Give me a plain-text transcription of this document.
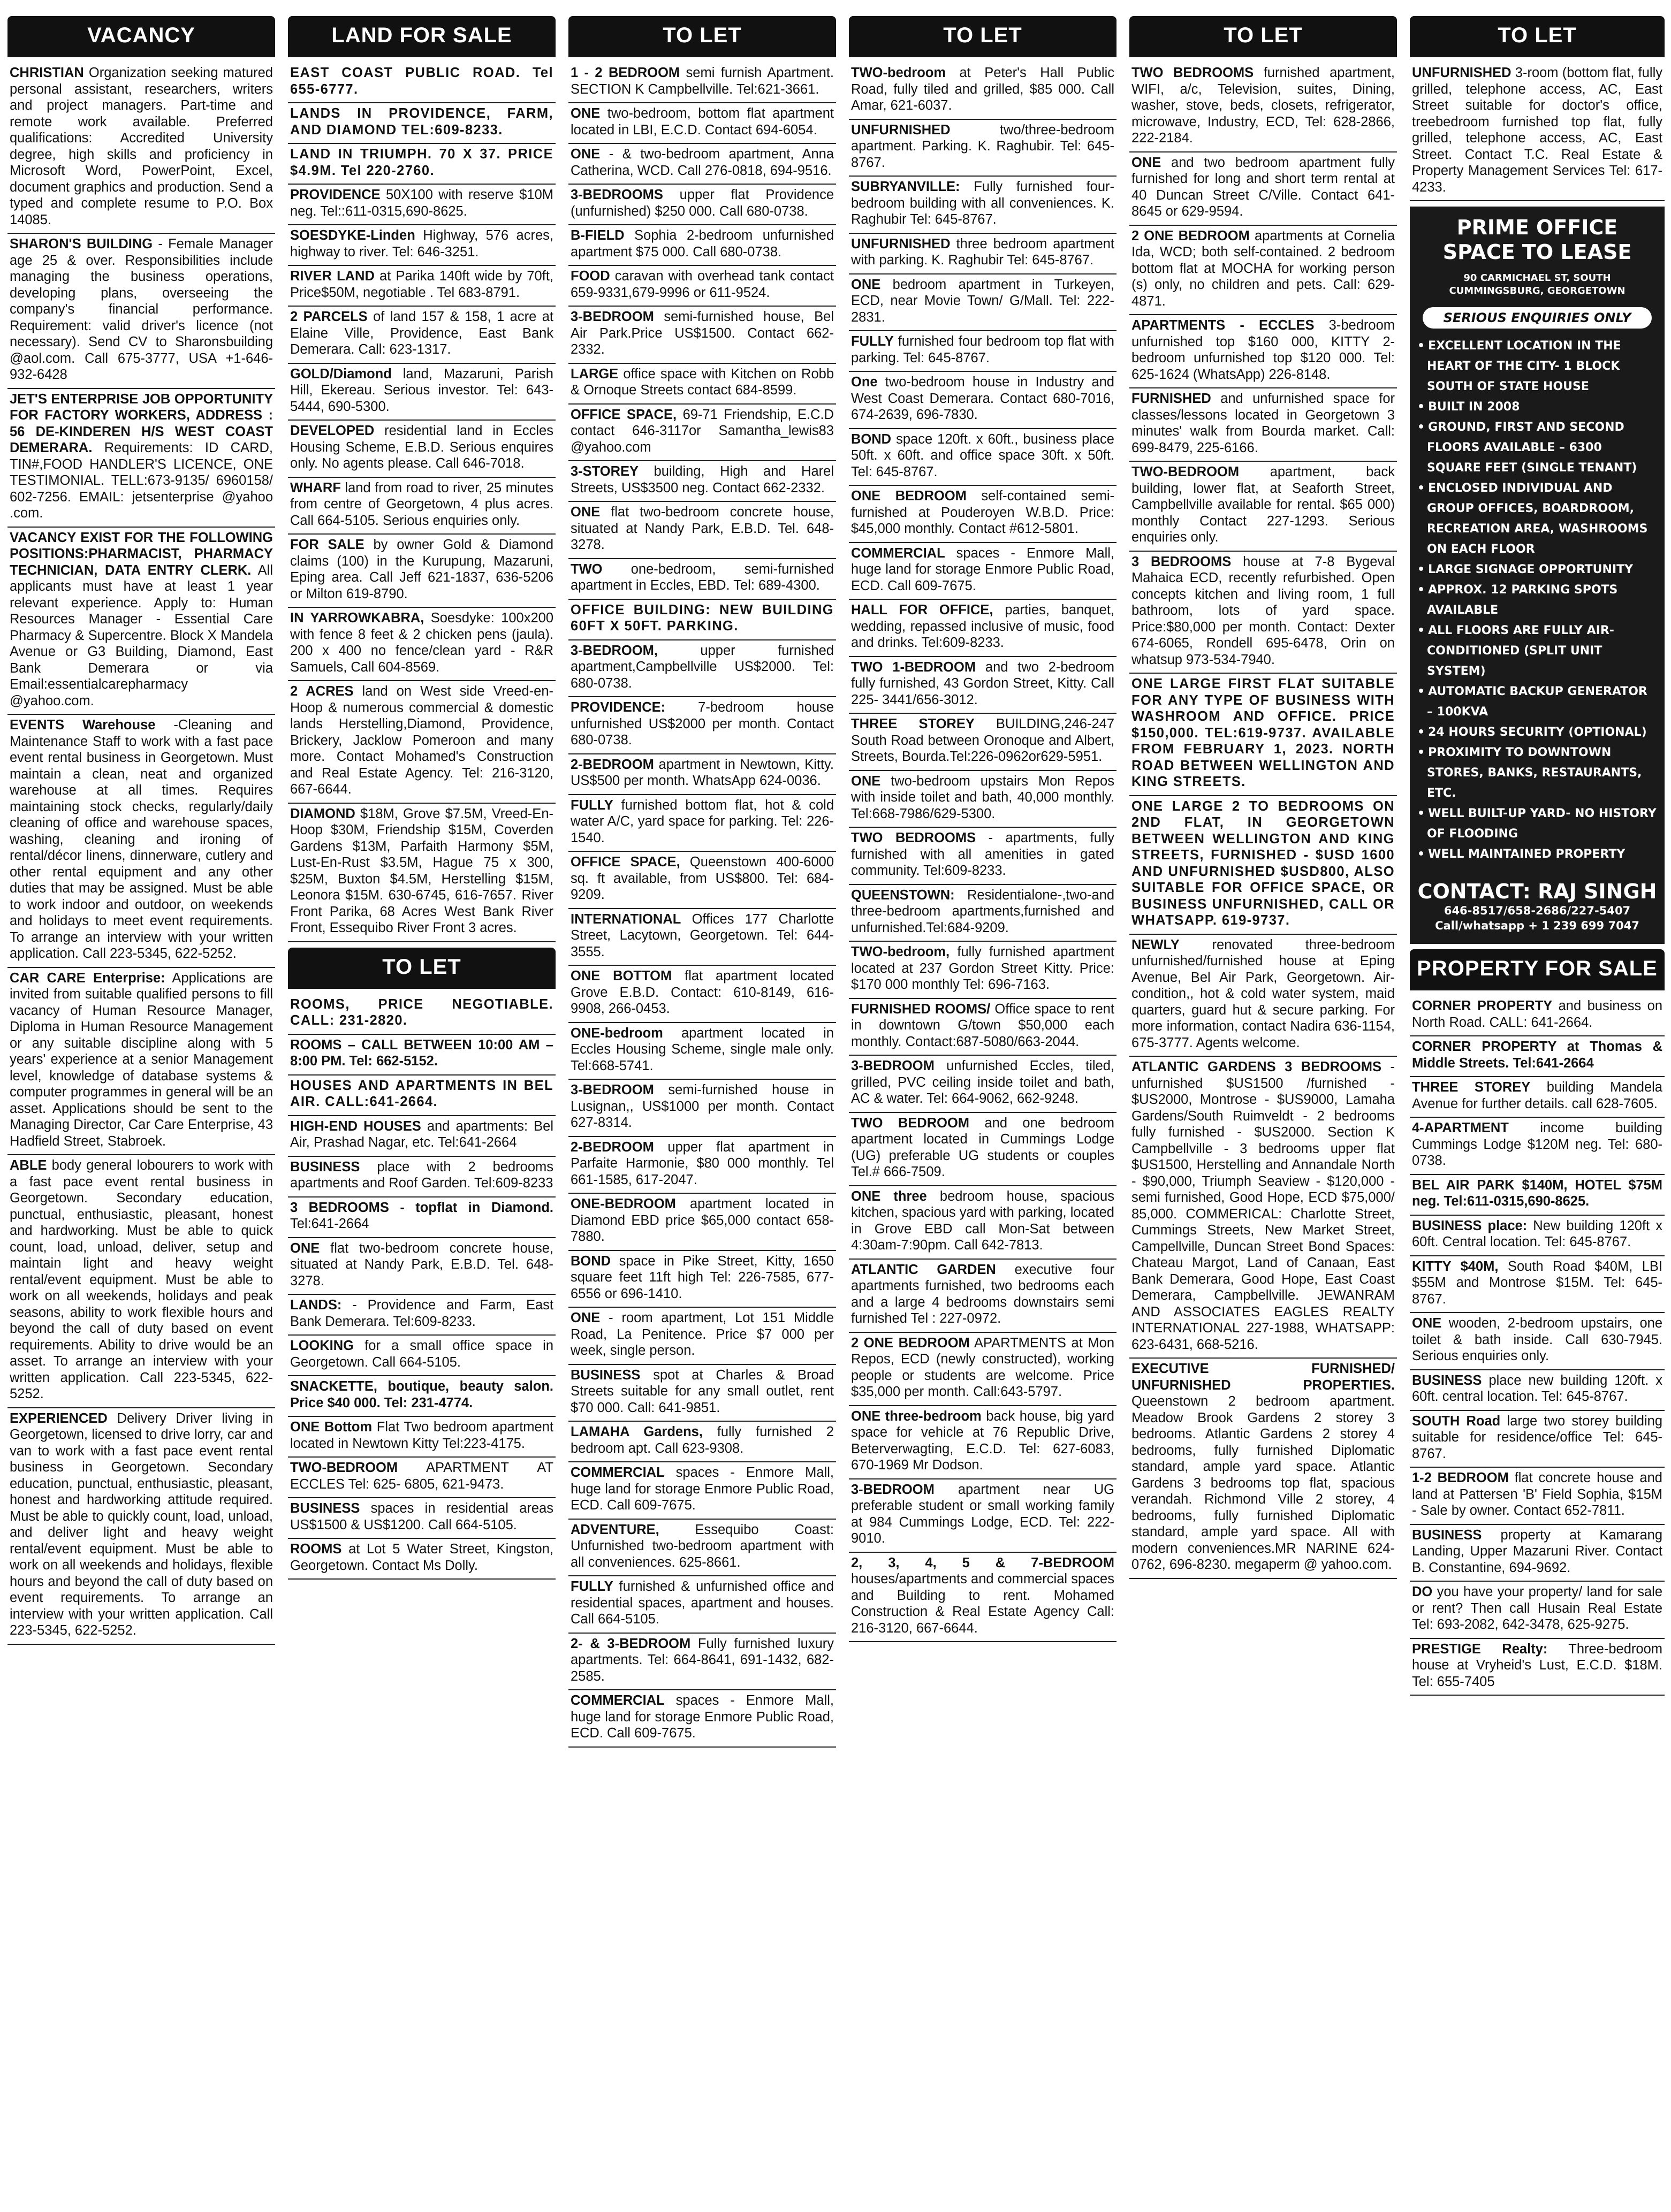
VACANCY
CHRISTIAN Organization seeking matured personal assistant, researchers, writers and project managers. Part-time and remote work available. Preferred qualifications: Accredited University degree, high skills and proficiency in Microsoft Word, PowerPoint, Excel, document graphics and production. Send a typed and complete resume to P.O. Box 14085.
SHARON'S BUILDING - Female Manager age 25 & over. Responsibilities include managing the business operations, developing plans, overseeing the company's financial performance. Requirement: valid driver's licence (not necessary). Send CV to Sharonsbuilding @aol.com. Call 675-3777, USA +1-646-932-6428
JET'S ENTERPRISE JOB OPPORTUNITY FOR FACTORY WORKERS, ADDRESS : 56 DE-KINDEREN H/S WEST COAST DEMERARA. Requirements: ID CARD, TIN#,FOOD HANDLER'S LICENCE, ONE TESTIMONIAL. TELL:673-9135/ 6960158/ 602-7256. EMAIL: jetsenterprise @yahoo .com.
VACANCY EXIST FOR THE FOLLOWING POSITIONS:PHARMACIST, PHARMACY TECHNICIAN, DATA ENTRY CLERK. All applicants must have at least 1 year relevant experience. Apply to: Human Resources Manager - Essential Care Pharmacy & Supercentre. Block X Mandela Avenue or G3 Building, Diamond, East Bank Demerara or via Email:essentialcarepharmacy @yahoo.com.
EVENTS Warehouse -Cleaning and Maintenance Staff to work with a fast pace event rental business in Georgetown. Must maintain a clean, neat and organized warehouse at all times. Requires maintaining stock checks, regularly/daily cleaning of office and warehouse spaces, washing, cleaning and ironing of rental/décor linens, dinnerware, cutlery and other rental equipment and any other duties that may be assigned. Must be able to work indoor and outdoor, on weekends and holidays to meet event requirements. To arrange an interview with your written application. Call 223-5345, 622-5252.
CAR CARE Enterprise: Applications are invited from suitable qualified persons to fill vacancy of Human Resource Manager, Diploma in Human Resource Management or any suitable discipline along with 5 years' experience at a senior Management level, knowledge of database systems & computer programmes in general will be an asset. Applications should be sent to the Managing Director, Car Care Enterprise, 43 Hadfield Street, Stabroek.
ABLE body general lobourers to work with a fast pace event rental business in Georgetown. Secondary education, punctual, enthusiastic, pleasant, honest and hardworking. Must be able to quick count, load, unload, deliver, setup and maintain light and heavy weight rental/event equipment. Must be able to work on all weekends, holidays and peak seasons, ability to work flexible hours and beyond the call of duty based on event requirements. Ability to drive would be an asset. To arrange an interview with your written application. Call 223-5345, 622-5252.
EXPERIENCED Delivery Driver living in Georgetown, licensed to drive lorry, car and van to work with a fast pace event rental business in Georgetown. Secondary education, punctual, enthusiastic, pleasant, honest and hardworking attitude required. Must be able to quickly count, load, unload, and deliver light and heavy weight rental/event equipment. Must be able to work on all weekends and holidays, flexible hours and beyond the call of duty based on event requirements. To arrange an interview with your written application. Call 223-5345, 622-5252.
LAND FOR SALE
EAST COAST PUBLIC ROAD. Tel 655-6777.
LANDS IN PROVIDENCE, FARM, AND DIAMOND TEL:609-8233.
LAND IN TRIUMPH. 70 X 37. PRICE $4.9M. Tel 220-2760.
PROVIDENCE 50X100 with reserve $10M neg. Tel::611-0315,690-8625.
SOESDYKE-Linden Highway, 576 acres, highway to river. Tel: 646-3251.
RIVER LAND at Parika 140ft wide by 70ft, Price$50M, negotiable . Tel 683-8791.
2 PARCELS of land 157 & 158, 1 acre at Elaine Ville, Providence, East Bank Demerara. Call: 623-1317.
GOLD/Diamond land, Mazaruni, Parish Hill, Ekereau. Serious investor. Tel: 643-5444, 690-5300.
DEVELOPED residential land in Eccles Housing Scheme, E.B.D. Serious enquires only. No agents please. Call 646-7018.
WHARF land from road to river, 25 minutes from centre of Georgetown, 4 plus acres. Call 664-5105. Serious enquiries only.
FOR SALE by owner Gold & Diamond claims (100) in the Kurupung, Mazaruni, Eping area. Call Jeff 621-1837, 636-5206 or Milton 619-8790.
IN YARROWKABRA, Soesdyke: 100x200 with fence 8 feet & 2 chicken pens (jaula). 200 x 400 no fence/clean yard - R&R Samuels, Call 604-8569.
2 ACRES land on West side Vreed-en-Hoop & numerous commercial & domestic lands Herstelling,Diamond, Providence, Brickery, Jacklow Pomeroon and many more. Contact Mohamed's Construction and Real Estate Agency. Tel: 216-3120, 667-6644.
DIAMOND $18M, Grove $7.5M, Vreed-En-Hoop $30M, Friendship $15M, Coverden Gardens $13M, Parfaith Harmony $5M, Lust-En-Rust $3.5M, Hague 75 x 300, $25M, Buxton $4.5M, Herstelling $15M, Leonora $15M. 630-6745, 616-7657. River Front Parika, 68 Acres West Bank River Front, Essequibo River Front 3 acres.
TO LET
ROOMS, PRICE NEGOTIABLE. CALL: 231-2820.
ROOMS – CALL BETWEEN 10:00 AM – 8:00 PM. Tel: 662-5152.
HOUSES AND APARTMENTS IN BEL AIR. CALL:641-2664.
HIGH-END HOUSES and apartments: Bel Air, Prashad Nagar, etc. Tel:641-2664
BUSINESS place with 2 bedrooms apartments and Roof Garden. Tel:609-8233
3 BEDROOMS - topflat in Diamond. Tel:641-2664
ONE flat two-bedroom concrete house, situated at Nandy Park, E.B.D. Tel. 648-3278.
LANDS: - Providence and Farm, East Bank Demerara. Tel:609-8233.
LOOKING for a small office space in Georgetown. Call 664-5105.
SNACKETTE, boutique, beauty salon. Price $40 000. Tel: 231-4774.
ONE Bottom Flat Two bedroom apartment located in Newtown Kitty Tel:223-4175.
TWO-BEDROOM APARTMENT AT ECCLES Tel: 625- 6805, 621-9473.
BUSINESS spaces in residential areas US$1500 & US$1200. Call 664-5105.
ROOMS at Lot 5 Water Street, Kingston, Georgetown. Contact Ms Dolly.
TO LET
1 - 2 BEDROOM semi furnish Apartment. SECTION K Campbellville. Tel:621-3661.
ONE two-bedroom, bottom flat apartment located in LBI, E.C.D. Contact 694-6054.
ONE - & two-bedroom apartment, Anna Catherina, WCD. Call 276-0818, 694-9516.
3-BEDROOMS upper flat Providence (unfurnished) $250 000. Call 680-0738.
B-FIELD Sophia 2-bedroom unfurnished apartment $75 000. Call 680-0738.
FOOD caravan with overhead tank contact 659-9331,679-9996 or 611-9524.
3-BEDROOM semi-furnished house, Bel Air Park.Price US$1500. Contact 662-2332.
LARGE office space with Kitchen on Robb & Ornoque Streets contact 684-8599.
OFFICE SPACE, 69-71 Friendship, E.C.D contact 646-3117or Samantha_lewis83 @yahoo.com
3-STOREY building, High and Harel Streets, US$3500 neg. Contact 662-2332.
ONE flat two-bedroom concrete house, situated at Nandy Park, E.B.D. Tel. 648-3278.
TWO one-bedroom, semi-furnished apartment in Eccles, EBD. Tel: 689-4300.
OFFICE BUILDING: NEW BUILDING 60FT X 50FT. PARKING.
3-BEDROOM,	upper furnished apartment,Campbellville US$2000. Tel: 680-0738.
PROVIDENCE: 7-bedroom house unfurnished US$2000 per month. Contact 680-0738.
2-BEDROOM apartment in Newtown, Kitty. US$500 per month. WhatsApp 624-0036.
FULLY furnished bottom flat, hot & cold water A/C, yard space for parking. Tel: 226-1540.
OFFICE SPACE, Queenstown 400-6000 sq. ft available, from US$800. Tel: 684-9209.
INTERNATIONAL Offices 177 Charlotte Street, Lacytown, Georgetown. Tel: 644-3555.
ONE BOTTOM flat apartment located Grove E.B.D. Contact: 610-8149, 616-9908, 266-0453.
ONE-bedroom apartment located in Eccles Housing Scheme, single male only. Tel:668-5741.
3-BEDROOM semi-furnished house in Lusignan,, US$1000 per month. Contact 627-8314.
2-BEDROOM upper flat apartment in Parfaite Harmonie, $80 000 monthly. Tel 661-1585, 617-2047.
ONE-BEDROOM apartment located in Diamond EBD price $65,000 contact 658-7880.
BOND space in Pike Street, Kitty, 1650 square feet 11ft high Tel: 226-7585, 677-6556 or 696-1410.
ONE - room apartment, Lot 151 Middle Road, La Penitence. Price $7 000 per week, single person.
BUSINESS spot at Charles & Broad Streets suitable for any small outlet, rent $70 000. Call: 641-9851.
LAMAHA Gardens, fully furnished 2 bedroom apt. Call 623-9308.
COMMERCIAL spaces - Enmore Mall, huge land for storage Enmore Public Road, ECD. Call 609-7675.
ADVENTURE,	Essequibo Coast: Unfurnished two-bedroom apartment with all conveniences. 625-8661.
FULLY furnished & unfurnished office and residential spaces, apartment and houses. Call 664-5105.
2- & 3-BEDROOM Fully furnished luxury apartments. Tel: 664-8641, 691-1432, 682-2585.
COMMERCIAL spaces - Enmore Mall, huge land for storage Enmore Public Road, ECD. Call 609-7675.
TO LET
TWO-bedroom at Peter's Hall Public Road, fully tiled and grilled, $85 000. Call Amar, 621-6037.
UNFURNISHED	two/three-bedroom apartment. Parking. K. Raghubir. Tel: 645-8767.
SUBRYANVILLE: Fully furnished four-bedroom building with all conveniences. K. Raghubir Tel: 645-8767.
UNFURNISHED three bedroom apartment with parking. K. Raghubir Tel: 645-8767.
ONE bedroom apartment in Turkeyen, ECD, near Movie Town/ G/Mall. Tel: 222-2831.
FULLY furnished four bedroom top flat with parking. Tel: 645-8767.
One two-bedroom house in Industry and West Coast Demerara. Contact 680-7016, 674-2639, 696-7830.
BOND space 120ft. x 60ft., business place 50ft. x 60ft. and office space 30ft. x 50ft. Tel: 645-8767.
ONE BEDROOM self-contained semi-furnished at Pouderoyen W.B.D. Price: $45,000 monthly. Contact #612-5801.
COMMERCIAL spaces - Enmore Mall, huge land for storage Enmore Public Road, ECD. Call 609-7675.
HALL FOR OFFICE, parties, banquet, wedding, repassed inclusive of music, food and drinks. Tel:609-8233.
TWO 1-BEDROOM and two 2-bedroom fully furnished, 43 Gordon Street, Kitty. Call 225- 3441/656-3012.
THREE STOREY BUILDING,246-247 South Road between Oronoque and Albert, Streets, Bourda.Tel:226-0962or629-5951.
ONE two-bedroom upstairs Mon Repos with inside toilet and bath, 40,000 monthly. Tel:668-7986/629-5300.
TWO BEDROOMS - apartments, fully furnished with all amenities in gated community. Tel:609-8233.
QUEENSTOWN: Residentialone-,two-and three-bedroom apartments,furnished and unfurnished.Tel:684-9209.
TWO-bedroom, fully furnished apartment located at 237 Gordon Street Kitty. Price: $170 000 monthly Tel: 696-7163.
FURNISHED ROOMS/ Office space to rent in downtown G/town $50,000 each monthly. Contact:687-5080/663-2044.
3-BEDROOM unfurnished Eccles, tiled, grilled, PVC ceiling inside toilet and bath, AC & water. Tel: 664-9062, 662-9248.
TWO BEDROOM and one bedroom apartment located in Cummings Lodge (UG) preferable UG students or couples Tel.# 666-7509.
ONE three bedroom house, spacious kitchen, spacious yard with parking, located in Grove EBD call Mon-Sat between 4:30am-7:90pm. Call 642-7813.
ATLANTIC GARDEN executive four apartments furnished, two bedrooms each and a large 4 bedrooms downstairs semi furnished Tel : 227-0972.
2 ONE BEDROOM APARTMENTS at Mon Repos, ECD (newly constructed), working people or students are welcome. Price $35,000 per month. Call:643-5797.
ONE three-bedroom back house, big yard space for vehicle at 76 Republic Drive, Beterverwagting, E.C.D. Tel: 627-6083, 670-1969 Mr Dodson.
3-BEDROOM apartment near UG preferable student or small working family at 984 Cummings Lodge, ECD. Tel: 222-9010.
2, 3, 4, 5 & 7-BEDROOM houses/apartments and commercial spaces and Building to rent. Mohamed Construction & Real Estate Agency Call: 216-3120, 667-6644.
TO LET
TWO BEDROOMS furnished apartment, WIFI, a/c, Television, suites, Dining, washer, stove, beds, closets, refrigerator, microwave, Industry, ECD, Tel: 628-2866, 222-2184.
ONE and two bedroom apartment fully furnished for long and short term rental at 40 Duncan Street C/Ville. Contact 641-8645 or 629-9594.
2 ONE BEDROOM apartments at Cornelia Ida, WCD; both self-contained. 2 bedroom bottom flat at MOCHA for working person (s) only, no children and pets. Call: 629-4871.
APARTMENTS - ECCLES 3-bedroom unfurnished top $160 000, KITTY 2-bedroom unfurnished top $120 000. Tel: 625-1624 (WhatsApp) 226-8148.
FURNISHED and unfurnished space for classes/lessons located in Georgetown 3 minutes' walk from Bourda market. Call: 699-8479, 225-6166.
TWO-BEDROOM apartment, back building, lower flat, at Seaforth Street, Campbellville available for rental. $65 000) monthly Contact 227-1293. Serious enquiries only.
3 BEDROOMS house at 7-8 Bygeval Mahaica ECD, recently refurbished. Open concepts kitchen and living room, 1 full bathroom, lots of yard space. Price:$80,000 per month. Contact: Dexter 674-6065, Rondell 695-6478, Orin on whatsup 973-534-7940.
ONE LARGE FIRST FLAT SUITABLE FOR ANY TYPE OF BUSINESS WITH WASHROOM AND OFFICE. PRICE $150,000. TEL:619-9737. AVAILABLE FROM FEBRUARY 1, 2023. NORTH ROAD BETWEEN WELLINGTON AND KING STREETS.
ONE LARGE 2 TO BEDROOMS ON 2ND FLAT, IN GEORGETOWN BETWEEN WELLINGTON AND KING STREETS, FURNISHED - $USD 1600 AND UNFURNISHED $USD800, ALSO SUITABLE FOR OFFICE SPACE, OR BUSINESS UNFURNISHED, CALL OR WHATSAPP. 619-9737.
NEWLY renovated three-bedroom unfurnished/furnished house at Eping Avenue, Bel Air Park, Georgetown. Air-condition,, hot & cold water system, maid quarters, guard hut & secure parking. For more information, contact Nadira 636-1154, 675-3777. Agents welcome.
ATLANTIC GARDENS 3 BEDROOMS - unfurnished $US1500 /furnished - $US2000, Montrose - $US9000, Lamaha Gardens/South Ruimveldt - 2 bedrooms fully furnished - $US2000. Section K Campbellville - 3 bedrooms upper flat $US1500, Herstelling and Annandale North - $90,000, Triumph Seaview - $120,000 - semi furnished, Good Hope, ECD $75,000/ 85,000. COMMERICAL: Charlotte Street, Cummings Streets, New Market Street, Campellville, Duncan Street Bond Spaces: Chateau Margot, Land of Canaan, East Bank Demerara, Good Hope, East Coast Demerara, Campbellville. JEWANRAM AND ASSOCIATES EAGLES REALTY INTERNATIONAL 227-1988, WHATSAPP: 623-6431, 668-5216.
EXECUTIVE FURNISHED/ UNFURNISHED PROPERTIES. Queenstown 2 bedroom apartment. Meadow Brook Gardens 2 storey 3 bedrooms. Atlantic Gardens 2 storey 4 bedrooms, fully furnished Diplomatic standard, ample yard space. Atlantic Gardens 3 bedrooms top flat, spacious verandah. Richmond Ville 2 storey, 4 bedrooms, fully furnished Diplomatic standard, ample yard space. All with modern conveniences.MR NARINE 624-0762, 696-8230. megaperm @ yahoo.com.
TO LET
UNFURNISHED 3-room (bottom flat, fully grilled, telephone access, AC, East Street suitable for doctor's office, treebedroom furnished top flat, fully grilled, telephone access, AC, East Street. Contact T.C. Real Estate & Property Management Services Tel: 617-4233.
PRIME OFFICE SPACE TO LEASE
90 CARMICHAEL ST, SOUTH CUMMINGSBURG, GEORGETOWN
SERIOUS ENQUIRIES ONLY
• EXCELLENT LOCATION IN THE HEART OF THE CITY- 1 BLOCK SOUTH OF STATE HOUSE
• BUILT IN 2008
• GROUND, FIRST AND SECOND FLOORS AVAILABLE – 6300 SQUARE FEET (SINGLE TENANT)
• ENCLOSED INDIVIDUAL AND GROUP OFFICES, BOARDROOM, RECREATION AREA, WASHROOMS ON EACH FLOOR
• LARGE SIGNAGE OPPORTUNITY
• APPROX. 12 PARKING SPOTS AVAILABLE
• ALL FLOORS ARE FULLY AIR-CONDITIONED (SPLIT UNIT SYSTEM)
• AUTOMATIC BACKUP GENERATOR – 100KVA
• 24 HOURS SECURITY (OPTIONAL)
• PROXIMITY TO DOWNTOWN STORES, BANKS, RESTAURANTS, ETC.
• WELL BUILT-UP YARD- NO HISTORY OF FLOODING
• WELL MAINTAINED PROPERTY
CONTACT: RAJ SINGH
646-8517/658-2686/227-5407
Call/whatsapp + 1 239 699 7047
PROPERTY FOR SALE
CORNER PROPERTY and business on North Road. CALL: 641-2664.
CORNER PROPERTY at Thomas & Middle Streets. Tel:641-2664
THREE STOREY building Mandela Avenue for further details. call 628-7605.
4-APARTMENT income building Cummings Lodge $120M neg. Tel: 680-0738.
BEL AIR PARK $140M, HOTEL $75M neg. Tel:611-0315,690-8625.
BUSINESS place: New building 120ft x 60ft. Central location. Tel: 645-8767.
KITTY $40M, South Road $40M, LBI $55M and Montrose $15M. Tel: 645-8767.
ONE wooden, 2-bedroom upstairs, one toilet & bath inside. Call 630-7945. Serious enquiries only.
BUSINESS place new building 120ft. x 60ft. central location. Tel: 645-8767.
SOUTH Road large two storey building suitable for residence/office Tel: 645-8767.
1-2 BEDROOM flat concrete house and land at Pattersen 'B' Field Sophia, $15M - Sale by owner. Contact 652-7811.
BUSINESS property at Kamarang Landing, Upper Mazaruni River. Contact B. Constantine, 694-9692.
DO you have your property/ land for sale or rent? Then call Husain Real Estate Tel: 693-2082, 642-3478, 625-9275.
PRESTIGE Realty: Three-bedroom house at Vryheid's Lust, E.C.D. $18M. Tel: 655-7405
